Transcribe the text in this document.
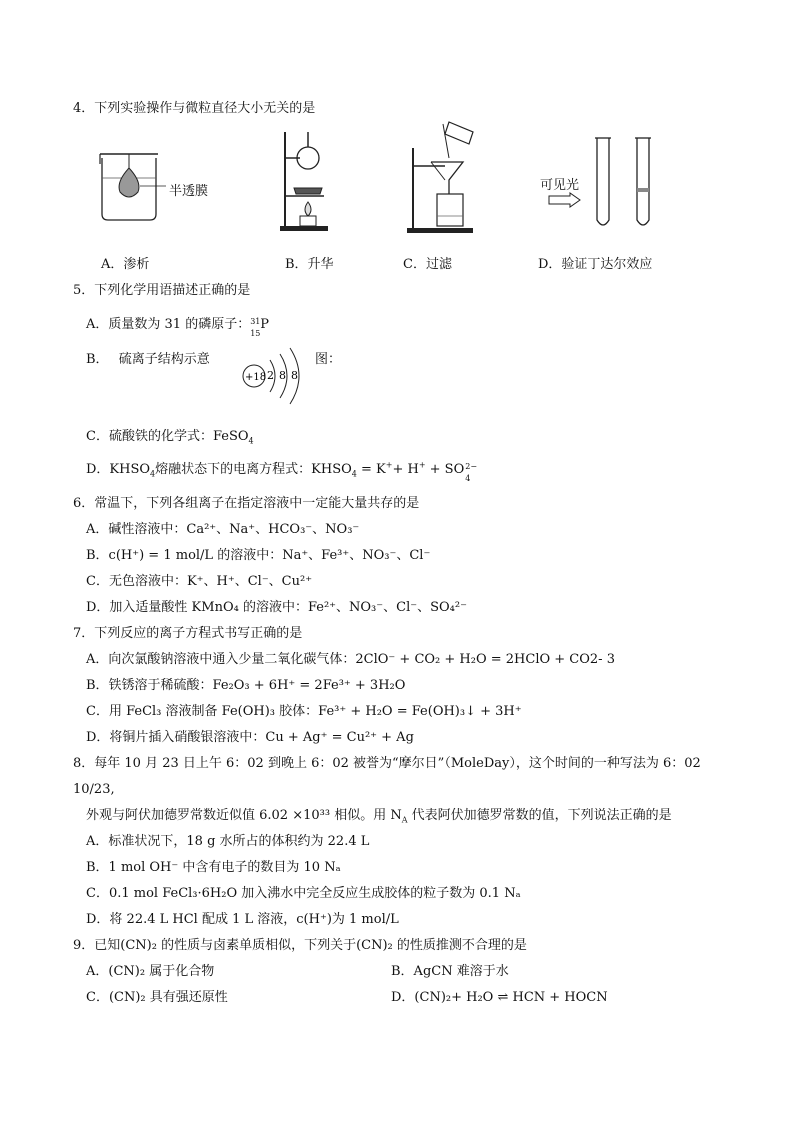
4．下列实验操作与微粒直径大小无关的是
半透膜	可见光
A．渗析	B．升华	C．过滤	D．验证丁达尔效应
5．下列化学用语描述正确的是
A．质量数为 31 的磷原子： 31
15
P
B． 硫离子结构示意
+18 2 8 8
图：
C．硫酸铁的化学式：FeSO$_4$
D．$KHSO_4$熔融状态下的电离方程式：$KHSO_4 = K^++ H^+$ + SO 2−
4
6．常温下，下列各组离子在指定溶液中一定能大量共存的是
A．碱性溶液中：Ca²⁺、Na⁺、HCO₃⁻、NO₃⁻
B．c(H⁺) = 1 mol/L 的溶液中：Na⁺、Fe³⁺、NO₃⁻、Cl⁻
C．无色溶液中：K⁺、H⁺、Cl⁻、Cu²⁺
D．加入适量酸性 KMnO₄ 的溶液中：Fe²⁺、NO₃⁻、Cl⁻、SO₄²⁻
7．下列反应的离子方程式书写正确的是
A．向次氯酸钠溶液中通入少量二氧化碳气体：2ClO⁻ + CO₂ + H₂O = 2HClO + CO2- 3
B．铁锈溶于稀硫酸：Fe₂O₃ + 6H⁺ = 2Fe³⁺ + 3H₂O
C．用 FeCl₃ 溶液制备 Fe(OH)₃ 胶体：Fe³⁺ + H₂O = Fe(OH)₃↓ + 3H⁺
D．将铜片插入硝酸银溶液中：Cu + Ag⁺ = Cu²⁺ + Ag
8．每年 10 月 23 日上午 6：02 到晚上 6：02 被誉为“摩尔日”（MoleDay），这个时间的一种写法为 6：02
10/23,
外观与阿伏加德罗常数近似值 6.02 ×10³³ 相似。用 $N_A$ 代表阿伏加德罗常数的值，下列说法正确的是
A．标准状况下，18 g 水所占的体积约为 22.4 L
B．1 mol OH⁻ 中含有电子的数目为 10 Nₐ
C．0.1 mol FeCl₃·6H₂O 加入沸水中完全反应生成胶体的粒子数为 0.1 Nₐ
D．将 22.4 L HCl 配成 1 L 溶液，c(H⁺)为 1 mol/L
9．已知(CN)₂ 的性质与卤素单质相似，下列关于(CN)₂ 的性质推测不合理的是
A．(CN)₂ 属于化合物	B．AgCN 难溶于水
C．(CN)₂ 具有强还原性	D．(CN)₂+ H₂O ⇌ HCN + HOCN
